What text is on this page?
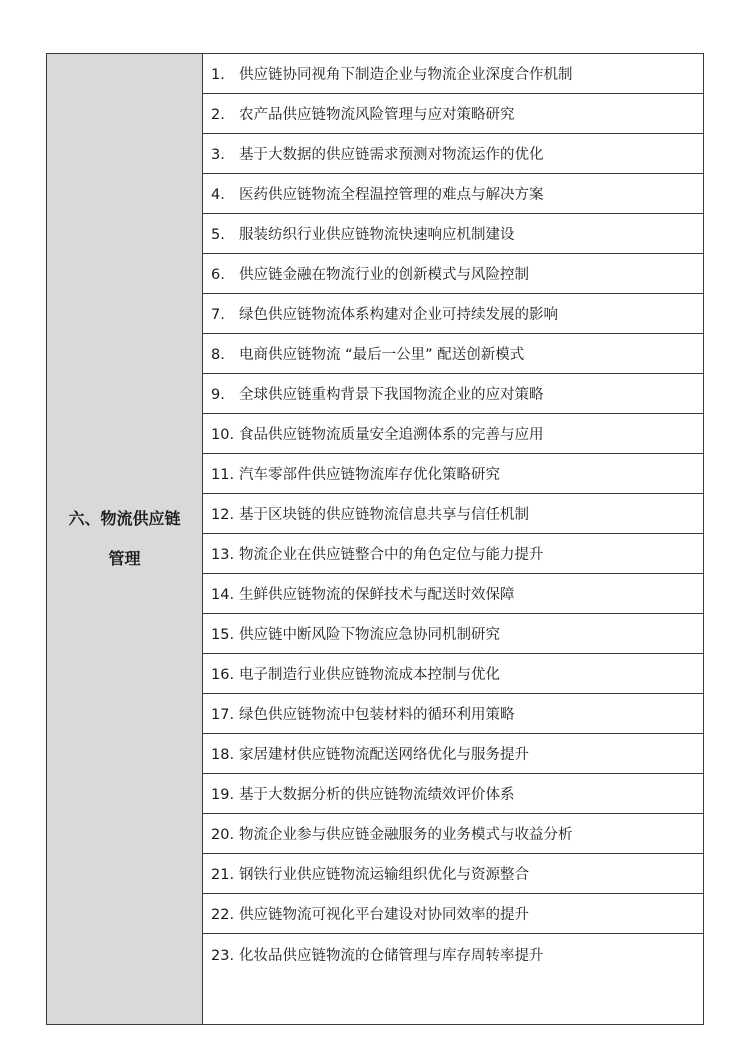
六、物流供应链
管理
	1. 供应链协同视角下制造企业与物流企业深度合作机制
2. 农产品供应链物流风险管理与应对策略研究
3. 基于大数据的供应链需求预测对物流运作的优化
4. 医药供应链物流全程温控管理的难点与解决方案
5. 服装纺织行业供应链物流快速响应机制建设
6. 供应链金融在物流行业的创新模式与风险控制
7. 绿色供应链物流体系构建对企业可持续发展的影响
8. 电商供应链物流 “最后一公里” 配送创新模式
9. 全球供应链重构背景下我国物流企业的应对策略
10. 食品供应链物流质量安全追溯体系的完善与应用
11. 汽车零部件供应链物流库存优化策略研究
12. 基于区块链的供应链物流信息共享与信任机制
13. 物流企业在供应链整合中的角色定位与能力提升
14. 生鲜供应链物流的保鲜技术与配送时效保障
15. 供应链中断风险下物流应急协同机制研究
16. 电子制造行业供应链物流成本控制与优化
17. 绿色供应链物流中包装材料的循环利用策略
18. 家居建材供应链物流配送网络优化与服务提升
19. 基于大数据分析的供应链物流绩效评价体系
20. 物流企业参与供应链金融服务的业务模式与收益分析
21. 钢铁行业供应链物流运输组织优化与资源整合
22. 供应链物流可视化平台建设对协同效率的提升
23. 化妆品供应链物流的仓储管理与库存周转率提升
